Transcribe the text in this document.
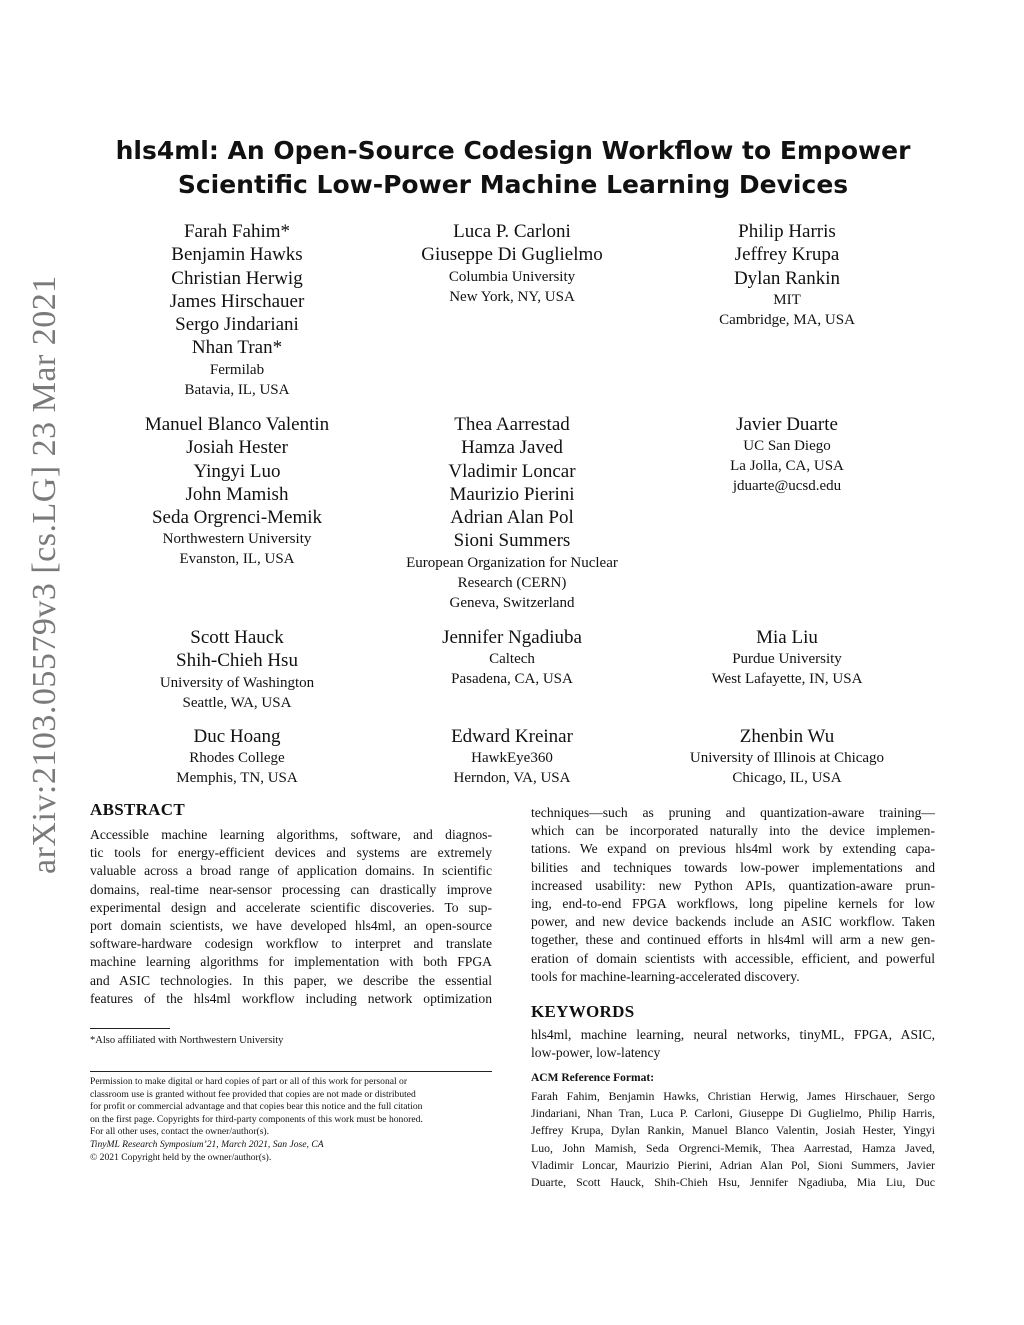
arXiv:2103.05579v3 [cs.LG] 23 Mar 2021
hls4ml: An Open-Source Codesign Workflow to Empower
Scientific Low-Power Machine Learning Devices
Farah Fahim*
Benjamin Hawks
Christian Herwig
James Hirschauer
Sergo Jindariani
Nhan Tran*
Fermilab
Batavia, IL, USA
Luca P. Carloni
Giuseppe Di Guglielmo
Columbia University
New York, NY, USA
Philip Harris
Jeffrey Krupa
Dylan Rankin
MIT
Cambridge, MA, USA
Manuel Blanco Valentin
Josiah Hester
Yingyi Luo
John Mamish
Seda Orgrenci-Memik
Northwestern University
Evanston, IL, USA
Thea Aarrestad
Hamza Javed
Vladimir Loncar
Maurizio Pierini
Adrian Alan Pol
Sioni Summers
European Organization for Nuclear
Research (CERN)
Geneva, Switzerland
Javier Duarte
UC San Diego
La Jolla, CA, USA
jduarte@ucsd.edu
Scott Hauck
Shih-Chieh Hsu
University of Washington
Seattle, WA, USA
Jennifer Ngadiuba
Caltech
Pasadena, CA, USA
Mia Liu
Purdue University
West Lafayette, IN, USA
Duc Hoang
Rhodes College
Memphis, TN, USA
Edward Kreinar
HawkEye360
Herndon, VA, USA
Zhenbin Wu
University of Illinois at Chicago
Chicago, IL, USA
ABSTRACT
Accessible machine learning algorithms, software, and diagnos-
tic tools for energy-efficient devices and systems are extremely
valuable across a broad range of application domains. In scientific
domains, real-time near-sensor processing can drastically improve
experimental design and accelerate scientific discoveries. To sup-
port domain scientists, we have developed hls4ml, an open-source
software-hardware codesign workflow to interpret and translate
machine learning algorithms for implementation with both FPGA
and ASIC technologies. In this paper, we describe the essential
features of the hls4ml workflow including network optimization
techniques—such as pruning and quantization-aware training—
which can be incorporated naturally into the device implemen-
tations. We expand on previous hls4ml work by extending capa-
bilities and techniques towards low-power implementations and
increased usability: new Python APIs, quantization-aware prun-
ing, end-to-end FPGA workflows, long pipeline kernels for low
power, and new device backends include an ASIC workflow. Taken
together, these and continued efforts in hls4ml will arm a new gen-
eration of domain scientists with accessible, efficient, and powerful
tools for machine-learning-accelerated discovery.
KEYWORDS
hls4ml, machine learning, neural networks, tinyML, FPGA, ASIC,
low-power, low-latency
*Also affiliated with Northwestern University
Permission to make digital or hard copies of part or all of this work for personal or
classroom use is granted without fee provided that copies are not made or distributed
for profit or commercial advantage and that copies bear this notice and the full citation
on the first page. Copyrights for third-party components of this work must be honored.
For all other uses, contact the owner/author(s).
TinyML Research Symposium’21, March 2021, San Jose, CA
© 2021 Copyright held by the owner/author(s).
ACM Reference Format:
Farah Fahim, Benjamin Hawks, Christian Herwig, James Hirschauer, Sergo
Jindariani, Nhan Tran, Luca P. Carloni, Giuseppe Di Guglielmo, Philip Harris,
Jeffrey Krupa, Dylan Rankin, Manuel Blanco Valentin, Josiah Hester, Yingyi
Luo, John Mamish, Seda Orgrenci-Memik, Thea Aarrestad, Hamza Javed,
Vladimir Loncar, Maurizio Pierini, Adrian Alan Pol, Sioni Summers, Javier
Duarte, Scott Hauck, Shih-Chieh Hsu, Jennifer Ngadiuba, Mia Liu, Duc
